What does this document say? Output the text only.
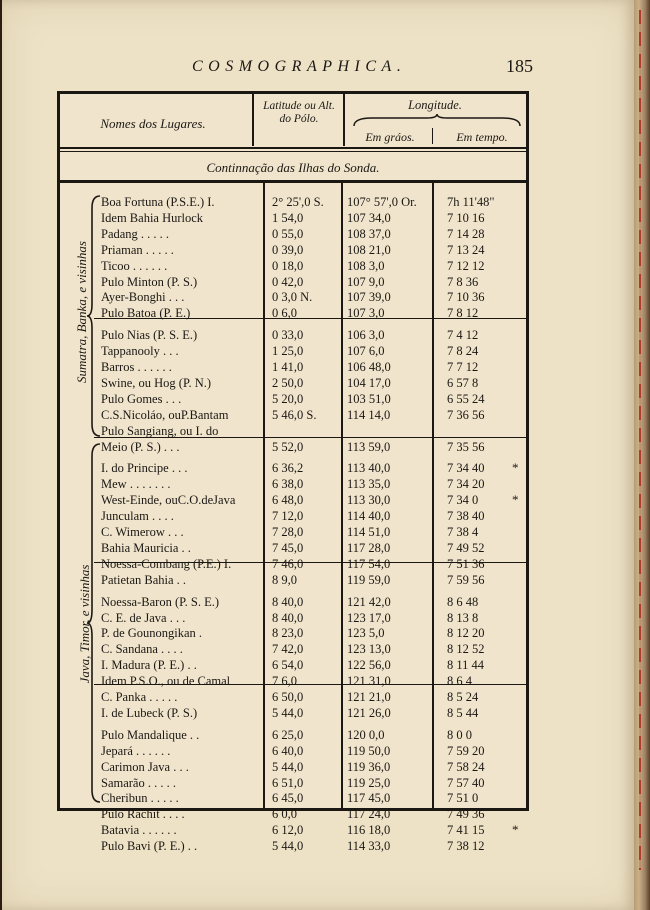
COSMOGRAPHICA.	185
Nomes dos Lugares.
Latitude ou Alt. do Pólo.
Longitude.
Em gráos.	Em tempo.
Continnação das Ilhas do Sonda.
Sumatra, Banka, e visinhas
Java, Timor, e visinhas
Boa Fortuna (P.S.E.) I.	2° 25',0 S.	107° 57',0 Or.	7h 11'48"
Idem Bahia Hurlock	1 54,0	107 34,0	7 10 16
Padang . . . . .	0 55,0	108 37,0	7 14 28
Priaman . . . . .	0 39,0	108 21,0	7 13 24
Ticoo . . . . . .	0 18,0	108 3,0	7 12 12
Pulo Minton (P. S.)	0 42,0	107 9,0	7 8 36
Ayer-Bonghi . . .	0 3,0 N.	107 39,0	7 10 36
Pulo Batoa (P. E.)	0 6,0	107 3,0	7 8 12
Pulo Nias (P. S. E.)	0 33,0	106 3,0	7 4 12
Tappanooly . . .	1 25,0	107 6,0	7 8 24
Barros . . . . . .	1 41,0	106 48,0	7 7 12
Swine, ou Hog (P. N.)	2 50,0	104 17,0	6 57 8
Pulo Gomes . . .	5 20,0	103 51,0	6 55 24
C.S.Nicoláo, ouP.Bantam	5 46,0 S.	114 14,0	7 36 56
Pulo Sangiang, ou I. do
Meio (P. S.) . . .	5 52,0	113 59,0	7 35 56
I. do Principe . . .	6 36,2	113 40,0	7 34 40	*
Mew . . . . . . .	6 38,0	113 35,0	7 34 20
West-Einde, ouC.O.deJava	6 48,0	113 30,0	7 34 0	*
Junculam . . . .	7 12,0	114 40,0	7 38 40
C. Wimerow . . .	7 28,0	114 51,0	7 38 4
Bahia Mauricia . .	7 45,0	117 28,0	7 49 52
Noessa-Combang (P.E.) I.	7 46,0	117 54,0	7 51 36
Patietan Bahia . .	8 9,0	119 59,0	7 59 56
Noessa-Baron (P. S. E.)	8 40,0	121 42,0	8 6 48
C. E. de Java . . .	8 40,0	123 17,0	8 13 8
P. de Gounongikan .	8 23,0	123 5,0	8 12 20
C. Sandana . . . .	7 42,0	123 13,0	8 12 52
I. Madura (P. E.) . .	6 54,0	122 56,0	8 11 44
Idem P.S.O., ou de Camal	7 6,0	121 31,0	8 6 4
C. Panka . . . . .	6 50,0	121 21,0	8 5 24
I. de Lubeck (P. S.)	5 44,0	121 26,0	8 5 44
Pulo Mandalique . .	6 25,0	120 0,0	8 0 0
Jepará . . . . . .	6 40,0	119 50,0	7 59 20
Carimon Java . . .	5 44,0	119 36,0	7 58 24
Samarão . . . . .	6 51,0	119 25,0	7 57 40
Cheribun . . . . .	6 45,0	117 45,0	7 51 0
Pulo Rachit . . . .	6 0,0	117 24,0	7 49 36
Batavia . . . . . .	6 12,0	116 18,0	7 41 15	*
Pulo Bavi (P. E.) . .	5 44,0	114 33,0	7 38 12
